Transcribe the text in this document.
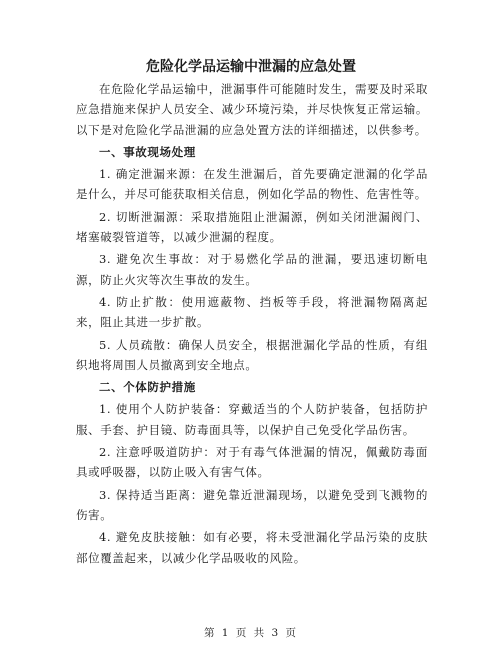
危险化学品运输中泄漏的应急处置

在危险化学品运输中，泄漏事件可能随时发生，需要及时采取应急措施来保护人员安全、减少环境污染，并尽快恢复正常运输。以下是对危险化学品泄漏的应急处置方法的详细描述，以供参考。

一、事故现场处理

1. 确定泄漏来源：在发生泄漏后，首先要确定泄漏的化学品是什么，并尽可能获取相关信息，例如化学品的物性、危害性等。

2. 切断泄漏源：采取措施阻止泄漏源，例如关闭泄漏阀门、堵塞破裂管道等，以减少泄漏的程度。

3. 避免次生事故：对于易燃化学品的泄漏，要迅速切断电源，防止火灾等次生事故的发生。

4. 防止扩散：使用遮蔽物、挡板等手段，将泄漏物隔离起来，阻止其进一步扩散。

5. 人员疏散：确保人员安全，根据泄漏化学品的性质，有组织地将周围人员撤离到安全地点。

二、个体防护措施

1. 使用个人防护装备：穿戴适当的个人防护装备，包括防护服、手套、护目镜、防毒面具等，以保护自己免受化学品伤害。

2. 注意呼吸道防护：对于有毒气体泄漏的情况，佩戴防毒面具或呼吸器，以防止吸入有害气体。

3. 保持适当距离：避免靠近泄漏现场，以避免受到飞溅物的伤害。

4. 避免皮肤接触：如有必要，将未受泄漏化学品污染的皮肤部位覆盖起来，以减少化学品吸收的风险。

第 1 页 共 3 页
